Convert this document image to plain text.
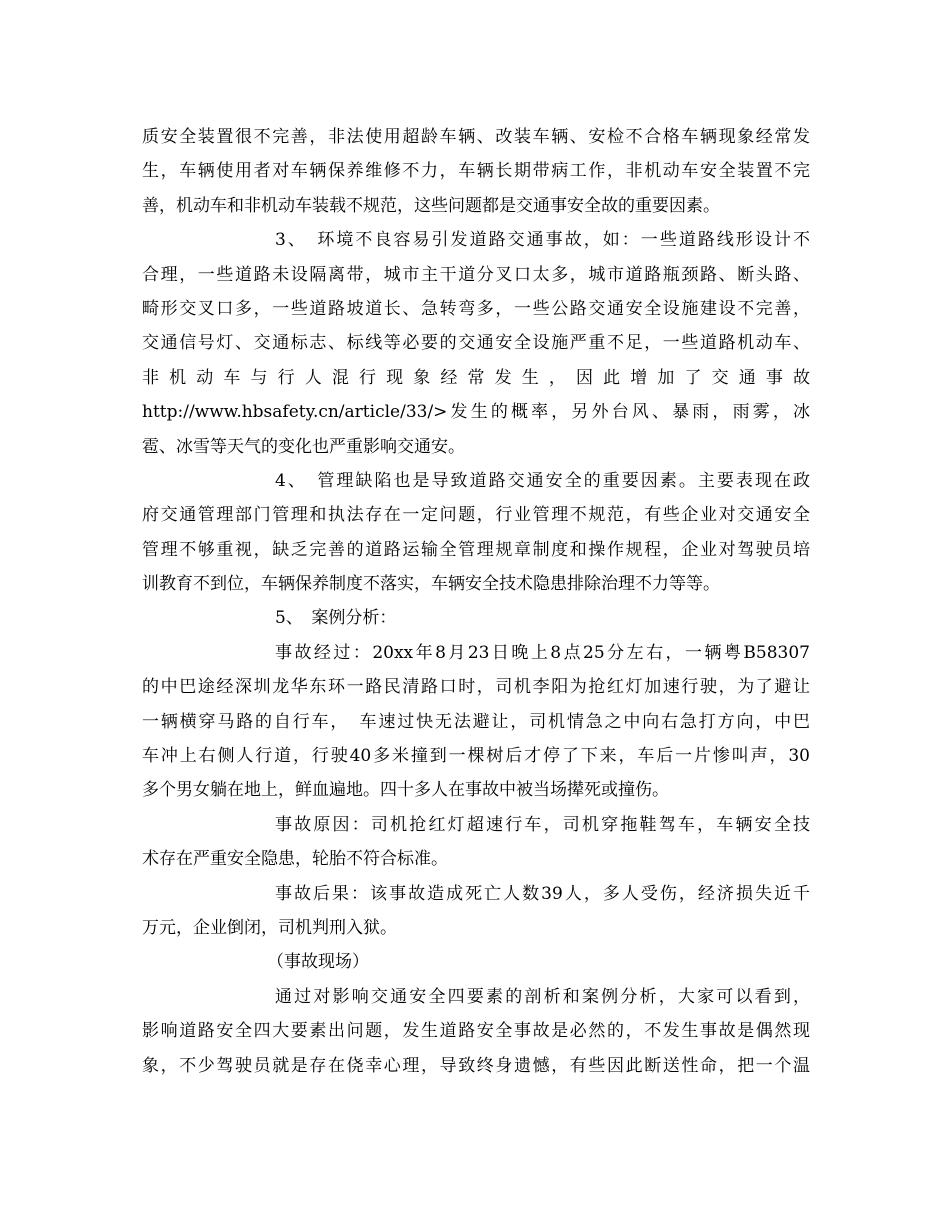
质安全装置很不完善，非法使用超龄车辆、改装车辆、安检不合格车辆现象经常发
生，车辆使用者对车辆保养维修不力，车辆长期带病工作，非机动车安全装置不完
善，机动车和非机动车装载不规范，这些问题都是交通事安全故的重要因素。
3、　环境不良容易引发道路交通事故，如：一些道路线形设计不
合理，一些道路未设隔离带，城市主干道分叉口太多，城市道路瓶颈路、断头路、
畸形交叉口多，一些道路坡道长、急转弯多，一些公路交通安全设施建设不完善，
交通信号灯、交通标志、标线等必要的交通安全设施严重不足，一些道路机动车、
非机动车与行人混行现象经常发生，因此增加了交通事故
http://www.hbsafety.cn/article/33/>发生的概率，另外台风、暴雨，雨雾，冰
雹、冰雪等天气的变化也严重影响交通安。
4、　管理缺陷也是导致道路交通安全的重要因素。主要表现在政
府交通管理部门管理和执法存在一定问题，行业管理不规范，有些企业对交通安全
管理不够重视，缺乏完善的道路运输全管理规章制度和操作规程，企业对驾驶员培
训教育不到位，车辆保养制度不落实，车辆安全技术隐患排除治理不力等等。
5、　案例分析：
事故经过：20xx年8月23日晚上8点25分左右，一辆粤B58307
的中巴途经深圳龙华东环一路民清路口时，司机李阳为抢红灯加速行驶，为了避让
一辆横穿马路的自行车，　车速过快无法避让，司机情急之中向右急打方向，中巴
车冲上右侧人行道，行驶40多米撞到一棵树后才停了下来，车后一片惨叫声，30
多个男女躺在地上，鲜血遍地。四十多人在事故中被当场撵死或撞伤。
事故原因：司机抢红灯超速行车，司机穿拖鞋驾车，车辆安全技
术存在严重安全隐患，轮胎不符合标准。
事故后果：该事故造成死亡人数39人，多人受伤，经济损失近千
万元，企业倒闭，司机判刑入狱。
（事故现场）
通过对影响交通安全四要素的剖析和案例分析，大家可以看到，
影响道路安全四大要素出问题，发生道路安全事故是必然的，不发生事故是偶然现
象，不少驾驶员就是存在侥幸心理，导致终身遗憾，有些因此断送性命，把一个温
